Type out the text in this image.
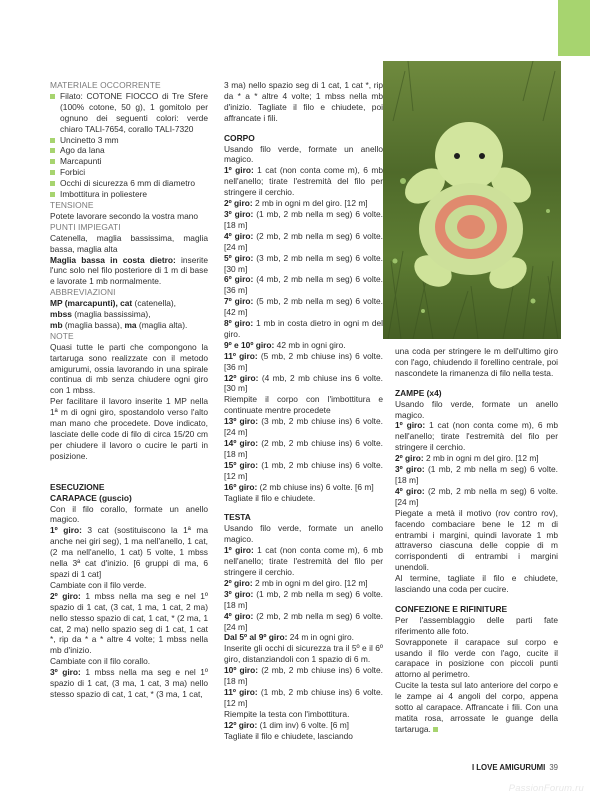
MATERIALE OCCORRENTE

Filato: COTONE FIOCCO di Tre Sfere (100% cotone, 50 g), 1 gomitolo per ognuno dei seguenti colori: verde chiaro TALI-7654, corallo TALI-7320
Uncinetto 3 mm
Ago da lana
Marcapunti
Forbici
Occhi di sicurezza 6 mm di diametro
Imbottitura in poliestere

TENSIONE

Potete lavorare secondo la vostra mano

PUNTI IMPIEGATI

Catenella, maglia bassissima, maglia bassa, maglia alta

Maglia bassa in costa dietro: inserite l'unc solo nel filo posteriore di 1 m di base e lavorate 1 mb normalmente.

ABBREVIAZIONI

MP (marcapunti), cat (catenella),

mbss (maglia bassissima),

mb (maglia bassa), ma (maglia alta).

NOTE

Quasi tutte le parti che compongono la tartaruga sono realizzate con il metodo amigurumi, ossia lavorando in una spirale continua di mb senza chiudere ogni giro con 1 mbss.

Per facilitare il lavoro inserite 1 MP nella 1ª m di ogni giro, spostandolo verso l'alto man mano che procedete. Dove indicato, lasciate delle code di filo di circa 15/20 cm per chiudere il lavoro o cucire le parti in posizione.

ESECUZIONE

CARAPACE (guscio)

Con il filo corallo, formate un anello magico.

1º giro: 3 cat (sostituiscono la 1ª ma anche nei giri seg), 1 ma nell'anello, 1 cat, (2 ma nell'anello, 1 cat) 5 volte, 1 mbss nella 3ª cat d'inizio. [6 gruppi di ma, 6 spazi di 1 cat]

Cambiate con il filo verde.

2º giro: 1 mbss nella ma seg e nel 1º spazio di 1 cat, (3 cat, 1 ma, 1 cat, 2 ma) nello stesso spazio di cat, 1 cat, * (2 ma, 1 cat, 2 ma) nello spazio seg di 1 cat, 1 cat *, rip da * a * altre 4 volte; 1 mbss nella mb d'inizio.

Cambiate con il filo corallo.

3º giro: 1 mbss nella ma seg e nel 1º spazio di 1 cat, (3 ma, 1 cat, 3 ma) nello stesso spazio di cat, 1 cat, * (3 ma, 1 cat,

3 ma) nello spazio seg di 1 cat, 1 cat *, rip da * a * altre 4 volte; 1 mbss nella mb d'inizio. Tagliate il filo e chiudete, poi affrancate i fili.

CORPO

Usando filo verde, formate un anello magico.

1º giro: 1 cat (non conta come m), 6 mb nell'anello; tirate l'estremità del filo per stringere il cerchio.

2º giro: 2 mb in ogni m del giro. [12 m]

3º giro: (1 mb, 2 mb nella m seg) 6 volte. [18 m]

4º giro: (2 mb, 2 mb nella m seg) 6 volte. [24 m]

5º giro: (3 mb, 2 mb nella m seg) 6 volte. [30 m]

6º giro: (4 mb, 2 mb nella m seg) 6 volte. [36 m]

7º giro: (5 mb, 2 mb nella m seg) 6 volte. [42 m]

8º giro: 1 mb in costa dietro in ogni m del giro.

9º e 10º giro: 42 mb in ogni giro.

11º giro: (5 mb, 2 mb chiuse ins) 6 volte. [36 m]

12º giro: (4 mb, 2 mb chiuse ins 6 volte. [30 m]

Riempite il corpo con l'imbottitura e continuate mentre procedete

13º giro: (3 mb, 2 mb chiuse ins) 6 volte. [24 m]

14º giro: (2 mb, 2 mb chiuse ins) 6 volte. [18 m]

15º giro: (1 mb, 2 mb chiuse ins) 6 volte. [12 m]

16º giro: (2 mb chiuse ins) 6 volte. [6 m]

Tagliate il filo e chiudete.

TESTA

Usando filo verde, formate un anello magico.

1º giro: 1 cat (non conta come m), 6 mb nell'anello; tirate l'estremità del filo per stringere il cerchio.

2º giro: 2 mb in ogni m del giro. [12 m]

3º giro: (1 mb, 2 mb nella m seg) 6 volte. [18 m]

4º giro: (2 mb, 2 mb nella m seg) 6 volte. [24 m]

Dal 5º al 9º giro: 24 m in ogni giro.

Inserite gli occhi di sicurezza tra il 5º e il 6º giro, distanziandoli con 1 spazio di 6 m.

10º giro: (2 mb, 2 mb chiuse ins) 6 volte. [18 m]

11º giro: (1 mb, 2 mb chiuse ins) 6 volte. [12 m]

Riempite la testa con l'imbottitura.

12º giro: (1 dim inv) 6 volte. [6 m]

Tagliate il filo e chiudete, lasciando

una coda per stringere le m dell'ultimo giro con l'ago, chiudendo il forellino centrale, poi nascondete la rimanenza di filo nella testa.

ZAMPE (x4)

Usando filo verde, formate un anello magico.

1º giro: 1 cat (non conta come m), 6 mb nell'anello; tirate l'estremità del filo per stringere il cerchio.

2º giro: 2 mb in ogni m del giro. [12 m]

3º giro: (1 mb, 2 mb nella m seg) 6 volte. [18 m]

4º giro: (2 mb, 2 mb nella m seg) 6 volte. [24 m]

Piegate a metà il motivo (rov contro rov), facendo combaciare bene le 12 m di entrambi i margini, quindi lavorate 1 mb attraverso ciascuna delle coppie di m corrispondenti di entrambi i margini unendoli.

Al termine, tagliate il filo e chiudete, lasciando una coda per cucire.

CONFEZIONE E RIFINITURE

Per l'assemblaggio delle parti fate riferimento alle foto.

Sovrapponete il carapace sul corpo e usando il filo verde con l'ago, cucite il carapace in posizione con piccoli punti attorno al perimetro.

Cucite la testa sul lato anteriore del corpo e le zampe ai 4 angoli del corpo, appena sotto al carapace. Affrancate i fili. Con una matita rosa, arrossate le guange della tartaruga.

I LOVE AMIGURUMI 39
PassionForum.ru
